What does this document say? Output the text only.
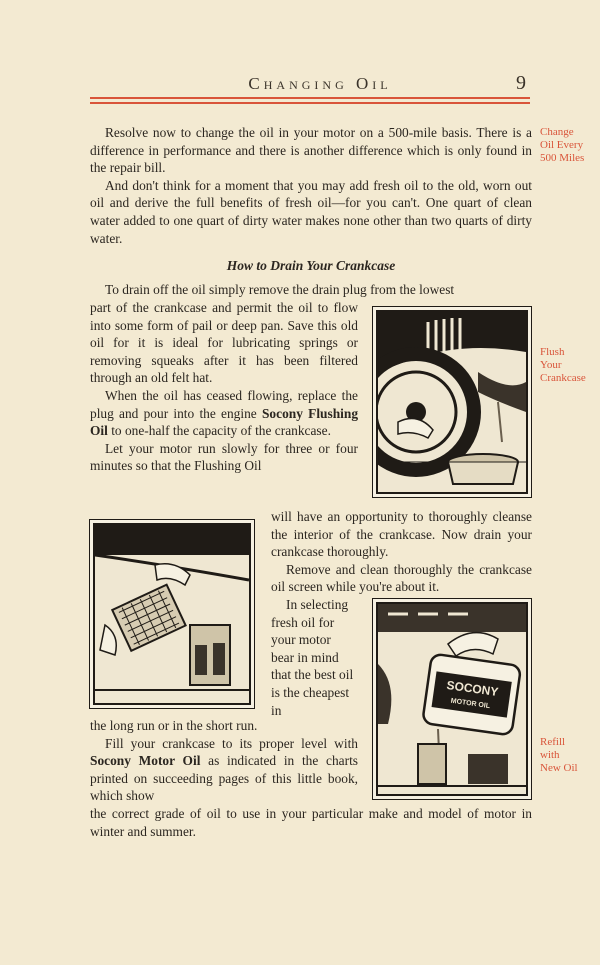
Changing Oil	9
Change
Oil Every
500 Miles
Flush
Your
Crankcase
Refill
with
New Oil

Resolve now to change the oil in your motor on a 500-mile basis. There is a difference in performance and there is another difference which is only found in the repair bill.

And don't think for a moment that you may add fresh oil to the old, worn out oil and derive the full benefits of fresh oil—for you can't. One quart of clean water added to one quart of dirty water makes none other than two quarts of dirty water.

How to Drain Your Crankcase

To drain off the oil simply remove the drain plug from the lowest

part of the crankcase and permit the oil to flow into some form of pail or deep pan. Save this old oil for it is ideal for lubricating springs or removing squeaks after it has been filtered through an old felt hat.

When the oil has ceased flowing, replace the plug and pour into the engine Socony Flushing Oil to one-half the capacity of the crankcase.

Let your motor run slowly for three or four minutes so that the Flushing Oil

will have an opportunity to thoroughly cleanse the interior of the crankcase. Now drain your crankcase thoroughly.

Remove and clean thoroughly the crankcase oil screen while you're about it.

In selecting fresh oil for your motor bear in mind that the best oil is the cheapest in

the long run or in the short run.

Fill your crankcase to its proper level with Socony Motor Oil as indicated in the charts printed on succeeding pages of this little book, which show

the correct grade of oil to use in your particular make and model of motor in winter and summer.

SOCONY
MOTOR OIL
